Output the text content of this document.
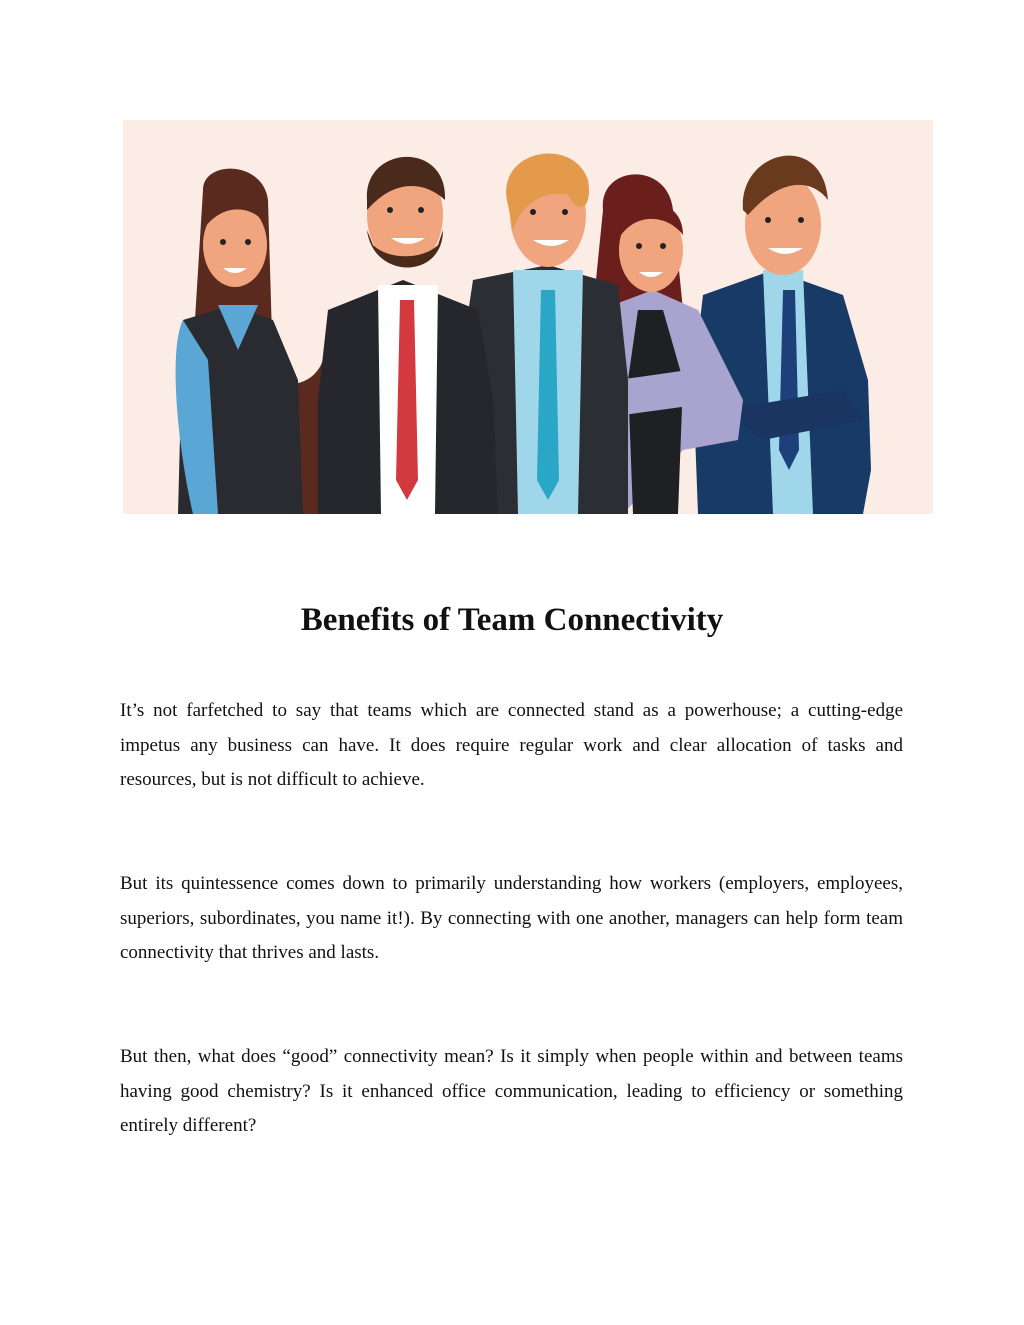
Benefits of Team Connectivity

It’s not farfetched to say that teams which are connected stand as a powerhouse; a cutting-edge impetus any business can have. It does require regular work and clear allocation of tasks and resources, but is not difficult to achieve.

But its quintessence comes down to primarily understanding how workers (employers, employees, superiors, subordinates, you name it!). By connecting with one another, managers can help form team connectivity that thrives and lasts.

But then, what does “good” connectivity mean? Is it simply when people within and between teams having good chemistry? Is it enhanced office communication, leading to efficiency or something entirely different?
